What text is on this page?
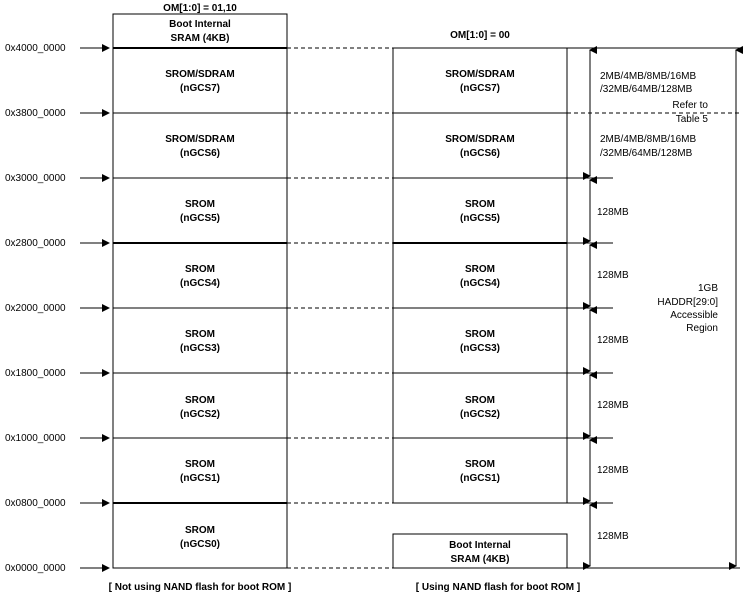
OM[1:0] = 01,10
OM[1:0] = 00
0x4000_0000
0x3800_0000
0x3000_0000
0x2800_0000
0x2000_0000
0x1800_0000
0x1000_0000
0x0800_0000
0x0000_0000
Boot Internal
SRAM (4KB)
SROM/SDRAM
(nGCS7)
SROM/SDRAM
(nGCS6)
SROM
(nGCS5)
SROM
(nGCS4)
SROM
(nGCS3)
SROM
(nGCS2)
SROM
(nGCS1)
SROM
(nGCS0)
SROM/SDRAM
(nGCS7)
SROM/SDRAM
(nGCS6)
SROM
(nGCS5)
SROM
(nGCS4)
SROM
(nGCS3)
SROM
(nGCS2)
SROM
(nGCS1)
Boot Internal
SRAM (4KB)
2MB/4MB/8MB/16MB
/32MB/64MB/128MB
Refer to
Table 5
2MB/4MB/8MB/16MB
/32MB/64MB/128MB
128MB
128MB
128MB
128MB
128MB
128MB
1GB
HADDR[29:0]
Accessible
Region
[ Not using NAND flash for boot ROM ]	[ Using NAND flash for boot ROM ]
